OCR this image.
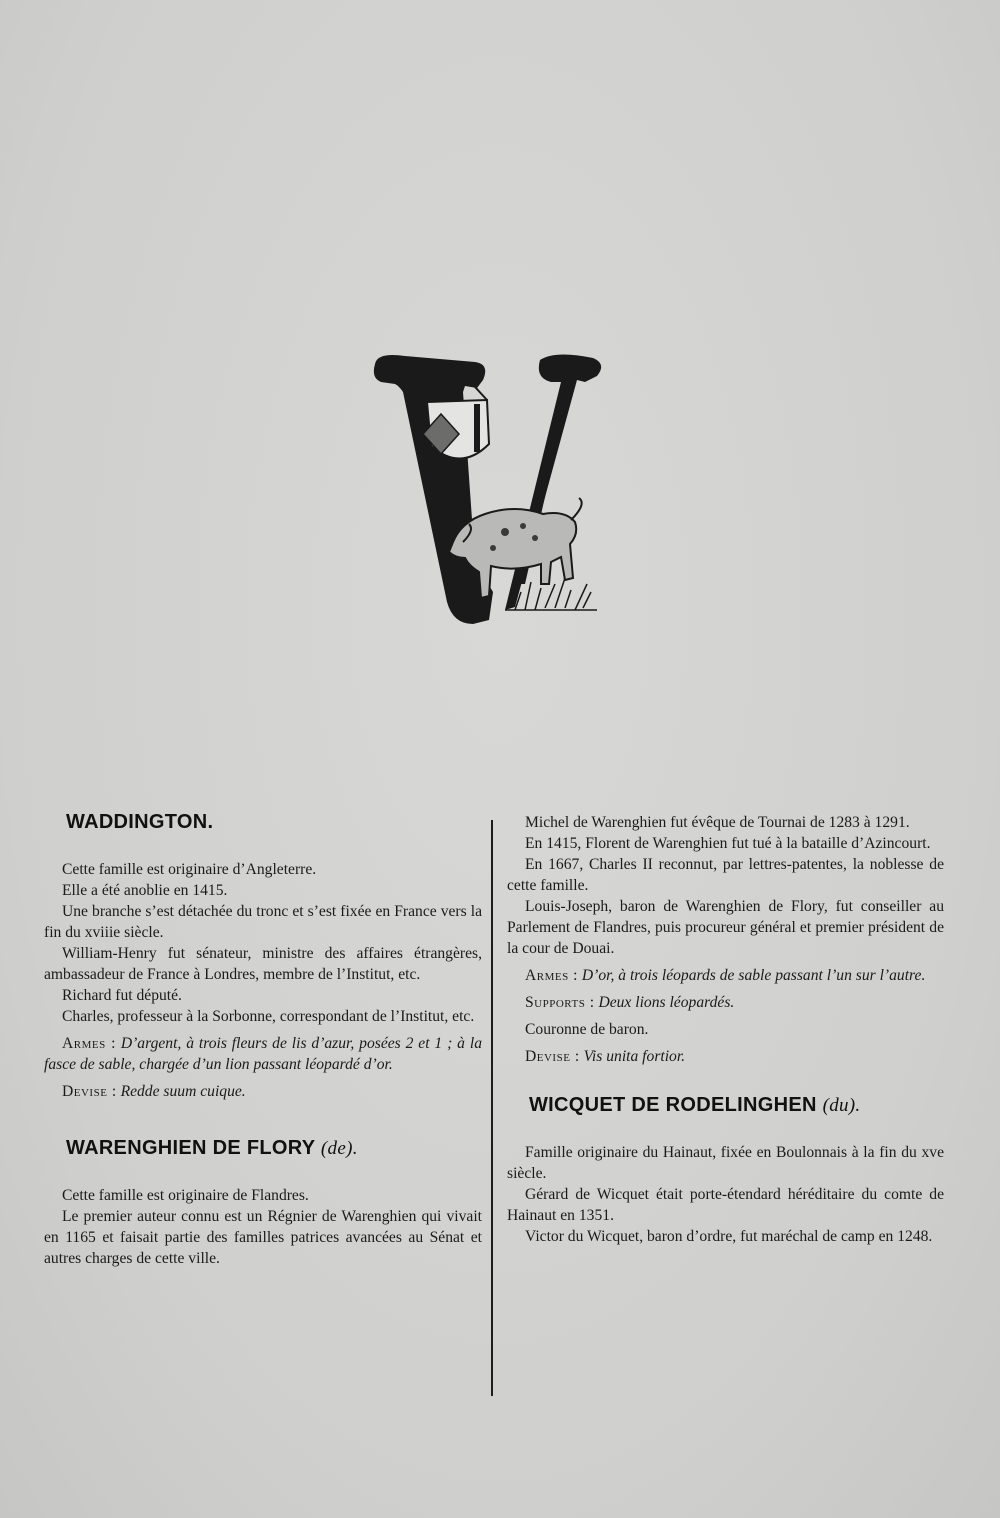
WADDINGTON.

Cette famille est originaire d’Angleterre.

Elle a été anoblie en 1415.

Une branche s’est détachée du tronc et s’est fixée en France vers la fin du xviiie siècle.

William-Henry fut sénateur, ministre des affaires étrangères, ambassadeur de France à Londres, membre de l’Institut, etc.

Richard fut député.

Charles, professeur à la Sorbonne, correspondant de l’Institut, etc.

Armes : D’argent, à trois fleurs de lis d’azur, posées 2 et 1 ; à la fasce de sable, chargée d’un lion passant léopardé d’or.

Devise : Redde suum cuique.

WARENGHIEN DE FLORY (de).

Cette famille est originaire de Flandres.

Le premier auteur connu est un Régnier de Warenghien qui vivait en 1165 et faisait partie des familles patrices avancées au Sénat et autres charges de cette ville.

Michel de Warenghien fut évêque de Tournai de 1283 à 1291.

En 1415, Florent de Warenghien fut tué à la bataille d’Azincourt.

En 1667, Charles II reconnut, par lettres-patentes, la noblesse de cette famille.

Louis-Joseph, baron de Warenghien de Flory, fut conseiller au Parlement de Flandres, puis procureur général et premier président de la cour de Douai.

Armes : D’or, à trois léopards de sable passant l’un sur l’autre.

Supports : Deux lions léopardés.

Couronne de baron.

Devise : Vis unita fortior.

WICQUET DE RODELINGHEN (du).

Famille originaire du Hainaut, fixée en Boulonnais à la fin du xve siècle.

Gérard de Wicquet était porte-étendard héréditaire du comte de Hainaut en 1351.

Victor du Wicquet, baron d’ordre, fut maréchal de camp en 1248.
